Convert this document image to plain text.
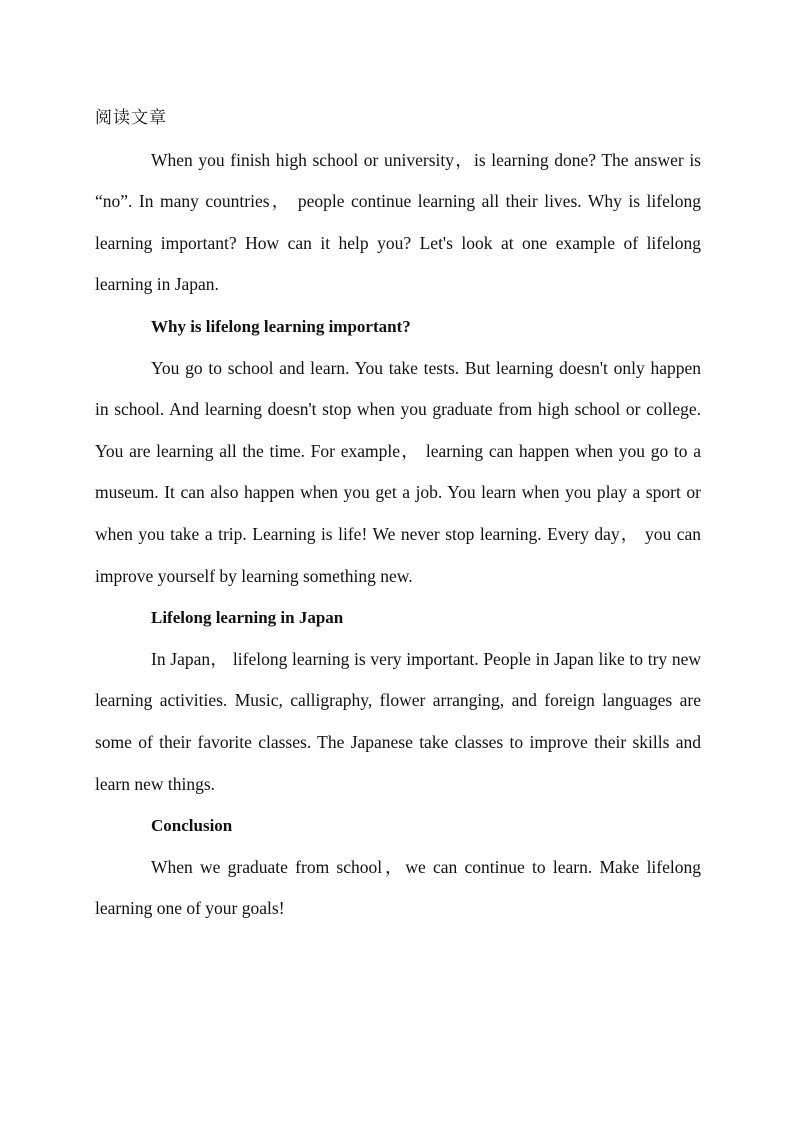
阅读文章

When you finish high school or university，is learning done? The answer is “no”. In many countries， people continue learning all their lives. Why is lifelong learning important? How can it help you? Let's look at one example of lifelong learning in Japan.

Why is lifelong learning important?

You go to school and learn. You take tests. But learning doesn't only happen in school. And learning doesn't stop when you graduate from high school or college. You are learning all the time. For example， learning can happen when you go to a museum. It can also happen when you get a job. You learn when you play a sport or when you take a trip. Learning is life! We never stop learning. Every day， you can improve yourself by learning something new.

Lifelong learning in Japan

In Japan， lifelong learning is very important. People in Japan like to try new learning activities. Music, calligraphy, flower arranging, and foreign languages are some of their favorite classes. The Japanese take classes to improve their skills and learn new things.

Conclusion

When we graduate from school，we can continue to learn. Make lifelong learning one of your goals!
